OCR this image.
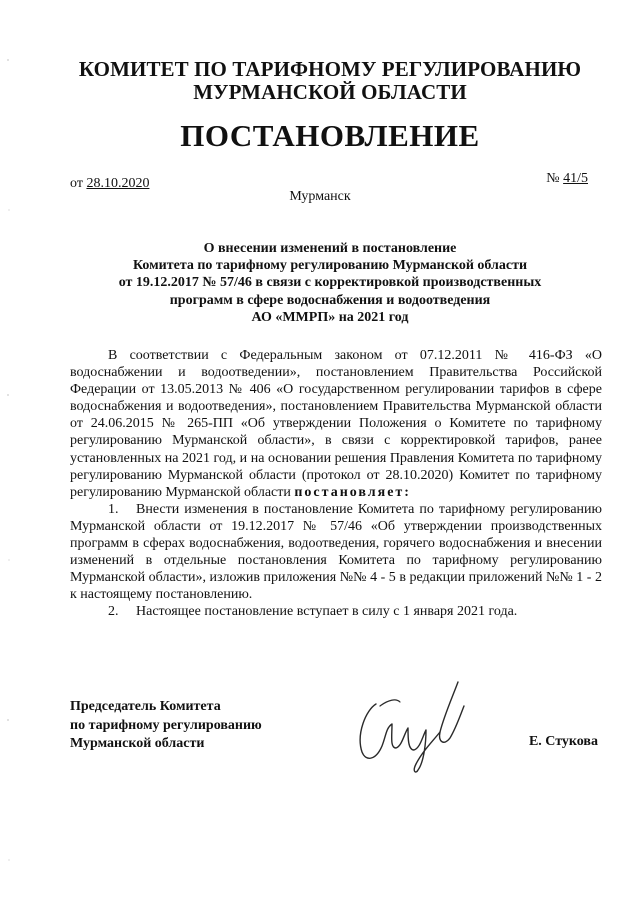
КОМИТЕТ ПО ТАРИФНОМУ РЕГУЛИРОВАНИЮ
МУРМАНСКОЙ ОБЛАСТИ
ПОСТАНОВЛЕНИЕ
от 28.10.2020	№ 41/5
Мурманск
О внесении изменений в постановление
Комитета по тарифному регулированию Мурманской области
от 19.12.2017 № 57/46 в связи с корректировкой производственных
программ в сфере водоснабжения и водоотведения
АО «ММРП» на 2021 год

В соответствии с Федеральным законом от 07.12.2011 № 416-ФЗ «О водоснабжении и водоотведении», постановлением Правительства Российской Федерации от 13.05.2013 № 406 «О государственном регулировании тарифов в сфере водоснабжения и водоотведения», постановлением Правительства Мурманской области от 24.06.2015 № 265-ПП «Об утверждении Положения о Комитете по тарифному регулированию Мурманской области», в связи с корректировкой тарифов, ранее установленных на 2021 год, и на основании решения Правления Комитета по тарифному регулированию Мурманской области (протокол от 28.10.2020) Комитет по тарифному регулированию Мурманской области постановляет:

1. Внести изменения в постановление Комитета по тарифному регулированию Мурманской области от 19.12.2017 № 57/46 «Об утверждении производственных программ в сферах водоснабжения, водоотведения, горячего водоснабжения и внесении изменений в отдельные постановления Комитета по тарифному регулированию Мурманской области», изложив приложения №№ 4 - 5 в редакции приложений №№ 1 - 2 к настоящему постановлению.

2. Настоящее постановление вступает в силу с 1 января 2021 года.

Председатель Комитета
по тарифному регулированию
Мурманской области	Е. Стукова
